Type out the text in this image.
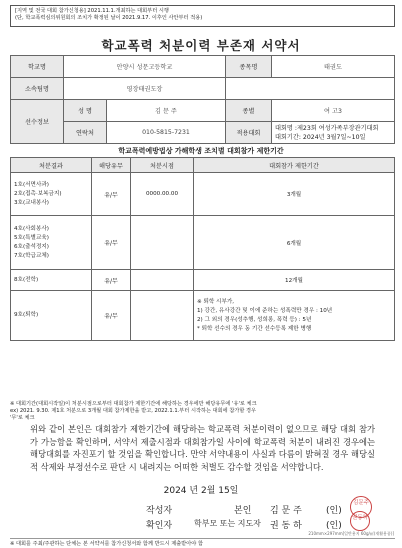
[지역 및 전국 대회 참가신청용] 2021.11.1.개최하는 대회부터 시행
(단, 학교폭력심의위원회의 조치가 확정된 날이 2021.9.17. 이후인 사안부터 적용)
학교폭력 처분이력 부존재 서약서
학교명	안양시 성문고등학교		종목명	태권도
소속팀명	영장태권도장			
선수정보	성 명	김 문 주	종별	여 고3
	연락처	010-5815-7231	적용대회	대회명 :제23회 여성가족부장관기대회
대회기간: 2024년 3월7일~10일
학교폭력예방법상 가해학생 조치별 대회참가 제한기간
처분결과	해당유무	처분시점	대회참가 제한기간

1호(서면사과)
2호(접촉·보복금지)
3호(교내봉사)	유/무	0000.00.00	3개월

4호(사회봉사)
5호(특별교육)
6호(출석정지)
7호(학급교체)	유/무		6개월

8호(전학)	유/무		12개월

9호(퇴학)	유/무		※ 퇴학 시부가,
1) 강간, 유사강간 및 이에 준하는 성폭력만 경우 : 10년
2) 그 외의 경우(성추행, 성희롱, 폭력 등) : 5년
* 퇴학 선수의 경우 동 기간 선수등록 제한 병행
※ 대회기간(대회시작일)이 처분시점으로부터 대회참가 제한기간에 해당하는 경우에만 해당유무에 '유'로 체크
ex) 2021. 9.30. 제1호 처분으로 3개월 대회 참가제한을 받고, 2022.1.1.부터 시작하는 대회에 참가할 경우
'무'로 체크
위와 같이 본인은 대회참가 제한기간에 해당하는 학교폭력 처분이력이 없으므로 해당 대회 참가가 가능함을 확인하며, 서약서 제출시점과 대회참가일 사이에 학교폭력 처분이 내려진 경우에는 해당대회를 자진포기 할 것임을 확인합니다. 만약 서약내용이 사실과 다름이 밝혀질 경우 해당실적 삭제와 부정선수로 판단 시 내려지는 어떠한 처벌도 감수할 것임을 서약합니다.
2024 년 2월 15일
작성자	본인 김 문 주	(인)
김문주
확인자	학부모 또는 지도자 권 동 하	(인)
권동하
210mm×297mm[일반용지 60g/㎡(재활용품)]
※ 대회를 주최/주관하는 단체는 본 서약서를 참가신청서와 함께 반드시 제출받아야 함
